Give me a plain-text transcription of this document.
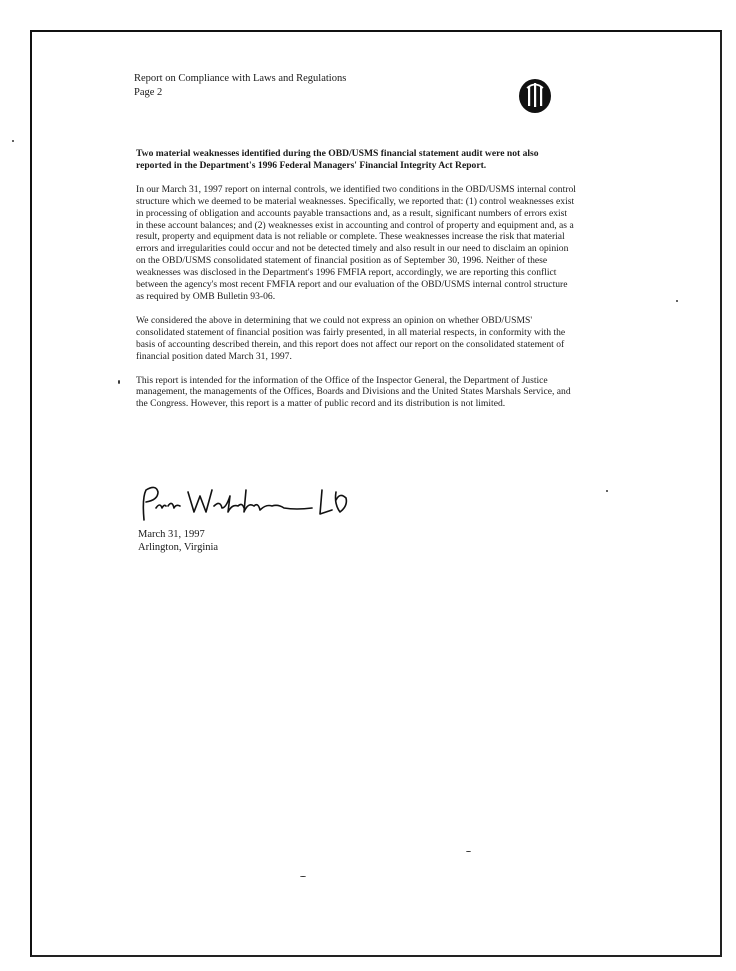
Report on Compliance with Laws and Regulations
Page 2

Two material weaknesses identified during the OBD/USMS financial statement audit were not also reported in the Department's 1996 Federal Managers' Financial Integrity Act Report.

In our March 31, 1997 report on internal controls, we identified two conditions in the OBD/USMS internal control structure which we deemed to be material weaknesses. Specifically, we reported that: (1) control weaknesses exist in processing of obligation and accounts payable transactions and, as a result, significant numbers of errors exist in these account balances; and (2) weaknesses exist in accounting and control of property and equipment and, as a result, property and equipment data is not reliable or complete. These weaknesses increase the risk that material errors and irregularities could occur and not be detected timely and also result in our need to disclaim an opinion on the OBD/USMS consolidated statement of financial position as of September 30, 1996. Neither of these weaknesses was disclosed in the Department's 1996 FMFIA report, accordingly, we are reporting this conflict between the agency's most recent FMFIA report and our evaluation of the OBD/USMS internal control structure as required by OMB Bulletin 93-06.

We considered the above in determining that we could not express an opinion on whether OBD/USMS' consolidated statement of financial position was fairly presented, in all material respects, in conformity with the basis of accounting described therein, and this report does not affect our report on the consolidated statement of financial position dated March 31, 1997.

This report is intended for the information of the Office of the Inspector General, the Department of Justice management, the managements of the Offices, Boards and Divisions and the United States Marshals Service, and the Congress. However, this report is a matter of public record and its distribution is not limited.

Price Waterhouse LLP
March 31, 1997
Arlington, Virginia
